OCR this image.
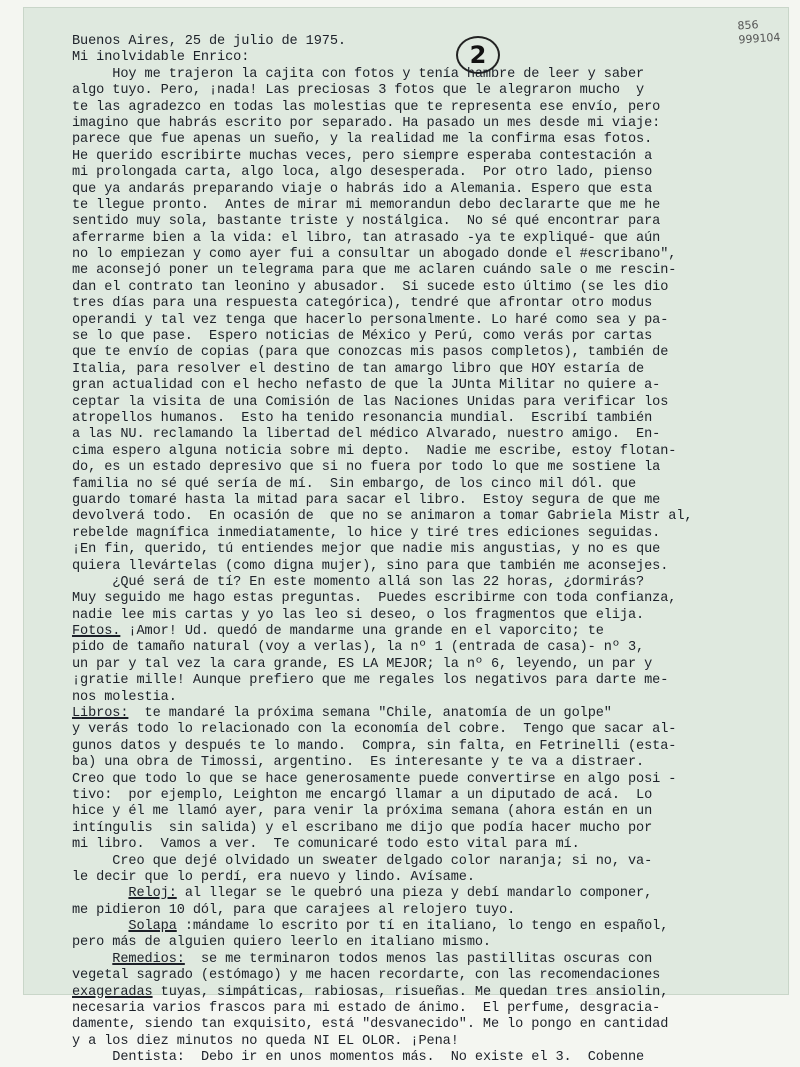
856
999104
2
Buenos Aires, 25 de julio de 1975.
Mi inolvidable Enrico:
Hoy me trajeron la cajita con fotos y tenía hambre de leer y saber
algo tuyo. Pero, ¡nada! Las preciosas 3 fotos que le alegraron mucho  y
te las agradezco en todas las molestias que te representa ese envío, pero
imagino que habrás escrito por separado. Ha pasado un mes desde mi viaje:
parece que fue apenas un sueño, y la realidad me la confirma esas fotos.
He querido escribirte muchas veces, pero siempre esperaba contestación a
mi prolongada carta, algo loca, algo desesperada.  Por otro lado, pienso
que ya andarás preparando viaje o habrás ido a Alemania. Espero que esta
te llegue pronto.  Antes de mirar mi memorandun debo declararte que me he
sentido muy sola, bastante triste y nostálgica.  No sé qué encontrar para
aferrarme bien a la vida: el libro, tan atrasado -ya te expliqué- que aún
no lo empiezan y como ayer fui a consultar un abogado donde el #escribano",
me aconsejó poner un telegrama para que me aclaren cuándo sale o me rescin-
dan el contrato tan leonino y abusador.  Si sucede esto último (se les dio
tres días para una respuesta categórica), tendré que afrontar otro modus
operandi y tal vez tenga que hacerlo personalmente. Lo haré como sea y pa-
se lo que pase.  Espero noticias de México y Perú, como verás por cartas
que te envío de copias (para que conozcas mis pasos completos), también de
Italia, para resolver el destino de tan amargo libro que HOY estaría de
gran actualidad con el hecho nefasto de que la JUnta Militar no quiere a-
ceptar la visita de una Comisión de las Naciones Unidas para verificar los
atropellos humanos.  Esto ha tenido resonancia mundial.  Escribí también
a las NU. reclamando la libertad del médico Alvarado, nuestro amigo.  En-
cima espero alguna noticia sobre mi depto.  Nadie me escribe, estoy flotan-
do, es un estado depresivo que si no fuera por todo lo que me sostiene la
familia no sé qué sería de mí.  Sin embargo, de los cinco mil dól. que
guardo tomaré hasta la mitad para sacar el libro.  Estoy segura de que me
devolverá todo.  En ocasión de  que no se animaron a tomar Gabriela Mistr al,
rebelde magnífica inmediatamente, lo hice y tiré tres ediciones seguidas.
¡En fin, querido, tú entiendes mejor que nadie mis angustias, y no es que
quiera llevártelas (como digna mujer), sino para que también me aconsejes.
¿Qué será de tí? En este momento allá son las 22 horas, ¿dormirás?
Muy seguido me hago estas preguntas.  Puedes escribirme con toda confianza,
nadie lee mis cartas y yo las leo si deseo, o los fragmentos que elija.
Fotos. ¡Amor! Ud. quedó de mandarme una grande en el vaporcito; te
pido de tamaño natural (voy a verlas), la nº 1 (entrada de casa)- nº 3,
un par y tal vez la cara grande, ES LA MEJOR; la nº 6, leyendo, un par y
¡gratie mille! Aunque prefiero que me regales los negativos para darte me-
nos molestia.
Libros:  te mandaré la próxima semana "Chile, anatomía de un golpe"
y verás todo lo relacionado con la economía del cobre.  Tengo que sacar al-
gunos datos y después te lo mando.  Compra, sin falta, en Fetrinelli (esta-
ba) una obra de Timossi, argentino.  Es interesante y te va a distraer.
Creo que todo lo que se hace generosamente puede convertirse en algo posi -
tivo:  por ejemplo, Leighton me encargó llamar a un diputado de acá.  Lo
hice y él me llamó ayer, para venir la próxima semana (ahora están en un
intíngulis  sin salida) y el escribano me dijo que podía hacer mucho por
mi libro.  Vamos a ver.  Te comunicaré todo esto vital para mí.
Creo que dejé olvidado un sweater delgado color naranja; si no, va-
le decir que lo perdí, era nuevo y lindo. Avísame.
Reloj: al llegar se le quebró una pieza y debí mandarlo componer,
me pidieron 10 dól, para que carajees al relojero tuyo.
Solapa :mándame lo escrito por tí en italiano, lo tengo en español,
pero más de alguien quiero leerlo en italiano mismo.
Remedios:  se me terminaron todos menos las pastillitas oscuras con
vegetal sagrado (estómago) y me hacen recordarte, con las recomendaciones
exageradas tuyas, simpáticas, rabiosas, risueñas. Me quedan tres ansiolin,
necesaria varios frascos para mi estado de ánimo.  El perfume, desgracia-
damente, siendo tan exquisito, está "desvanecido". Me lo pongo en cantidad
y a los diez minutos no queda NI EL OLOR. ¡Pena!
Dentista:  Debo ir en unos momentos más.  No existe el 3.  Cobenne
